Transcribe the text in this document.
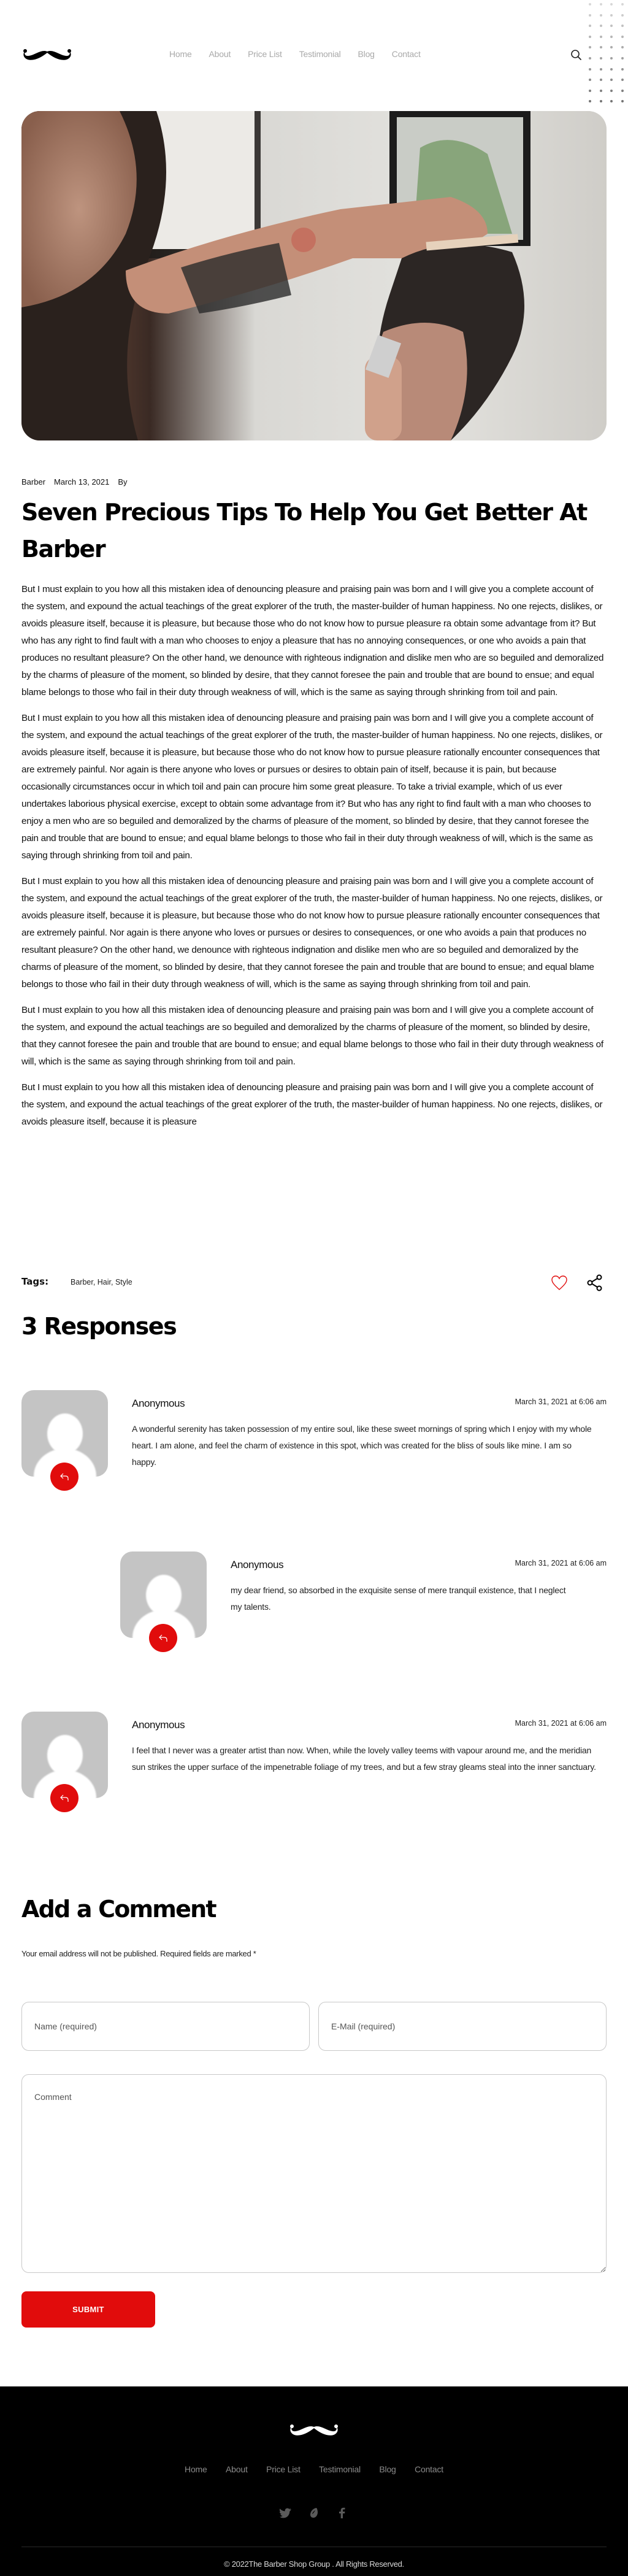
Home About Price List Testimonial Blog Contact
Barber March 13, 2021 By
Seven Precious Tips To Help You Get Better At Barber

But I must explain to you how all this mistaken idea of denouncing pleasure and praising pain was born and I will give you a complete account of the system, and expound the actual teachings of the great explorer of the truth, the master-builder of human happiness. No one rejects, dislikes, or avoids pleasure itself, because it is pleasure, but because those who do not know how to pursue pleasure ra obtain some advantage from it? But who has any right to find fault with a man who chooses to enjoy a pleasure that has no annoying consequences, or one who avoids a pain that produces no resultant pleasure? On the other hand, we denounce with righteous indignation and dislike men who are so beguiled and demoralized by the charms of pleasure of the moment, so blinded by desire, that they cannot foresee the pain and trouble that are bound to ensue; and equal blame belongs to those who fail in their duty through weakness of will, which is the same as saying through shrinking from toil and pain.

But I must explain to you how all this mistaken idea of denouncing pleasure and praising pain was born and I will give you a complete account of the system, and expound the actual teachings of the great explorer of the truth, the master-builder of human happiness. No one rejects, dislikes, or avoids pleasure itself, because it is pleasure, but because those who do not know how to pursue pleasure rationally encounter consequences that are extremely painful. Nor again is there anyone who loves or pursues or desires to obtain pain of itself, because it is pain, but because occasionally circumstances occur in which toil and pain can procure him some great pleasure. To take a trivial example, which of us ever undertakes laborious physical exercise, except to obtain some advantage from it? But who has any right to find fault with a man who chooses to enjoy a men who are so beguiled and demoralized by the charms of pleasure of the moment, so blinded by desire, that they cannot foresee the pain and trouble that are bound to ensue; and equal blame belongs to those who fail in their duty through weakness of will, which is the same as saying through shrinking from toil and pain.

But I must explain to you how all this mistaken idea of denouncing pleasure and praising pain was born and I will give you a complete account of the system, and expound the actual teachings of the great explorer of the truth, the master-builder of human happiness. No one rejects, dislikes, or avoids pleasure itself, because it is pleasure, but because those who do not know how to pursue pleasure rationally encounter consequences that are extremely painful. Nor again is there anyone who loves or pursues or desires to consequences, or one who avoids a pain that produces no resultant pleasure? On the other hand, we denounce with righteous indignation and dislike men who are so beguiled and demoralized by the charms of pleasure of the moment, so blinded by desire, that they cannot foresee the pain and trouble that are bound to ensue; and equal blame belongs to those who fail in their duty through weakness of will, which is the same as saying through shrinking from toil and pain.

But I must explain to you how all this mistaken idea of denouncing pleasure and praising pain was born and I will give you a complete account of the system, and expound the actual teachings are so beguiled and demoralized by the charms of pleasure of the moment, so blinded by desire, that they cannot foresee the pain and trouble that are bound to ensue; and equal blame belongs to those who fail in their duty through weakness of will, which is the same as saying through shrinking from toil and pain.

But I must explain to you how all this mistaken idea of denouncing pleasure and praising pain was born and I will give you a complete account of the system, and expound the actual teachings of the great explorer of the truth, the master-builder of human happiness. No one rejects, dislikes, or avoids pleasure itself, because it is pleasure

Tags:	Barber, Hair, Style
3 Responses
Anonymous	March 31, 2021 at 6:06 am
A wonderful serenity has taken possession of my entire soul, like these sweet mornings of spring which I enjoy with my whole heart. I am alone, and feel the charm of existence in this spot, which was created for the bliss of souls like mine. I am so happy.
Anonymous	March 31, 2021 at 6:06 am
my dear friend, so absorbed in the exquisite sense of mere tranquil existence, that I neglect my talents.
Anonymous	March 31, 2021 at 6:06 am
I feel that I never was a greater artist than now. When, while the lovely valley teems with vapour around me, and the meridian sun strikes the upper surface of the impenetrable foliage of my trees, and but a few stray gleams steal into the inner sanctuary.
Add a Comment

Your email address will not be published. Required fields are marked *

Name (required)
E-Mail (required)
Comment
SUBMIT
Home About Price List Testimonial Blog Contact
© 2022The Barber Shop Group . All Rights Reserved.
